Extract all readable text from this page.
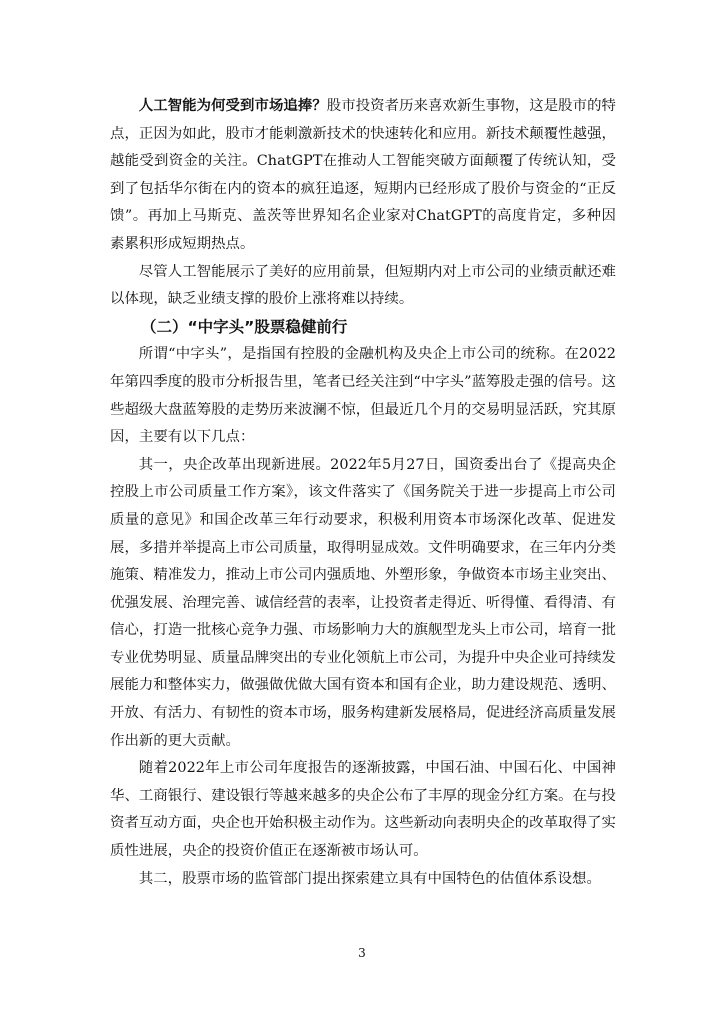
人工智能为何受到市场追捧？股市投资者历来喜欢新生事物，这是股市的特点，正因为如此，股市才能刺激新技术的快速转化和应用。新技术颠覆性越强，越能受到资金的关注。ChatGPT在推动人工智能突破方面颠覆了传统认知，受到了包括华尔街在内的资本的疯狂追逐，短期内已经形成了股价与资金的“正反馈”。再加上马斯克、盖茨等世界知名企业家对ChatGPT的高度肯定，多种因素累积形成短期热点。

尽管人工智能展示了美好的应用前景，但短期内对上市公司的业绩贡献还难以体现，缺乏业绩支撑的股价上涨将难以持续。

（二）“中字头”股票稳健前行

所谓“中字头”，是指国有控股的金融机构及央企上市公司的统称。在2022年第四季度的股市分析报告里，笔者已经关注到“中字头”蓝筹股走强的信号。这些超级大盘蓝筹股的走势历来波澜不惊，但最近几个月的交易明显活跃，究其原因，主要有以下几点：

其一，央企改革出现新进展。2022年5月27日，国资委出台了《提高央企控股上市公司质量工作方案》，该文件落实了《国务院关于进一步提高上市公司质量的意见》和国企改革三年行动要求，积极利用资本市场深化改革、促进发展，多措并举提高上市公司质量，取得明显成效。文件明确要求，在三年内分类施策、精准发力，推动上市公司内强质地、外塑形象，争做资本市场主业突出、优强发展、治理完善、诚信经营的表率，让投资者走得近、听得懂、看得清、有信心，打造一批核心竞争力强、市场影响力大的旗舰型龙头上市公司，培育一批专业优势明显、质量品牌突出的专业化领航上市公司，为提升中央企业可持续发展能力和整体实力，做强做优做大国有资本和国有企业，助力建设规范、透明、开放、有活力、有韧性的资本市场，服务构建新发展格局，促进经济高质量发展作出新的更大贡献。

随着2022年上市公司年度报告的逐渐披露，中国石油、中国石化、中国神华、工商银行、建设银行等越来越多的央企公布了丰厚的现金分红方案。在与投资者互动方面，央企也开始积极主动作为。这些新动向表明央企的改革取得了实质性进展，央企的投资价值正在逐渐被市场认可。

其二，股票市场的监管部门提出探索建立具有中国特色的估值体系设想。

3
